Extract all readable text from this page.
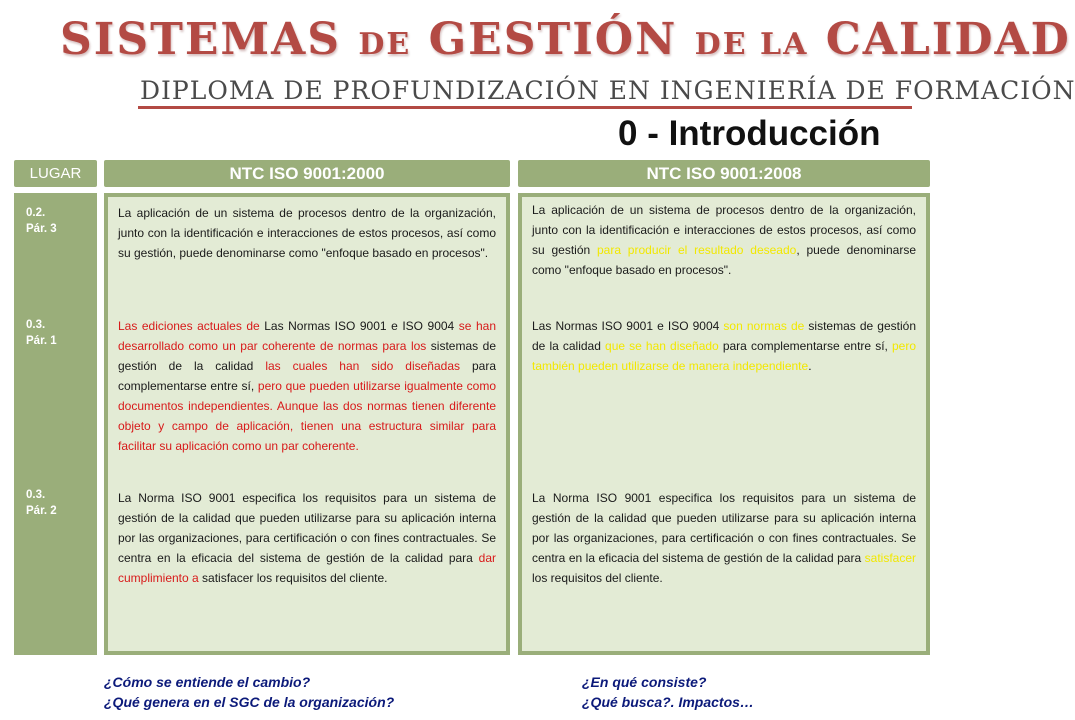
SISTEMAS DE GESTIÓN DE LA CALIDAD
DIPLOMA DE PROFUNDIZACIÓN EN INGENIERÍA DE FORMACIÓN
0 - Introducción
LUGAR	NTC ISO 9001:2000	NTC ISO 9001:2008
0.2.
Pár. 3
0.3.
Pár. 1
0.3.
Pár. 2
La aplicación de un sistema de procesos dentro de la organización, junto con la identificación e interacciones de estos procesos, así como su gestión, puede denominarse como "enfoque basado en procesos".
Las ediciones actuales de Las Normas ISO 9001 e ISO 9004 se han desarrollado como un par coherente de normas para los sistemas de gestión de la calidad las cuales han sido diseñadas para complementarse entre sí, pero que pueden utilizarse igualmente como documentos independientes. Aunque las dos normas tienen diferente objeto y campo de aplicación, tienen una estructura similar para facilitar su aplicación como un par coherente.
La Norma ISO 9001 especifica los requisitos para un sistema de gestión de la calidad que pueden utilizarse para su aplicación interna por las organizaciones, para certificación o con fines contractuales. Se centra en la eficacia del sistema de gestión de la calidad para dar cumplimiento a satisfacer los requisitos del cliente.
La aplicación de un sistema de procesos dentro de la organización, junto con la identificación e interacciones de estos procesos, así como su gestión para producir el resultado deseado, puede denominarse como "enfoque basado en procesos".
Las Normas ISO 9001 e ISO 9004 son normas de sistemas de gestión de la calidad que se han diseñado para complementarse entre sí, pero también pueden utilizarse de manera independiente.
La Norma ISO 9001 especifica los requisitos para un sistema de gestión de la calidad que pueden utilizarse para su aplicación interna por las organizaciones, para certificación o con fines contractuales. Se centra en la eficacia del sistema de gestión de la calidad para satisfacer los requisitos del cliente.
¿Cómo se entiende el cambio?
¿Qué genera en el SGC de la organización?
¿En qué consiste?
¿Qué busca?. Impactos…
